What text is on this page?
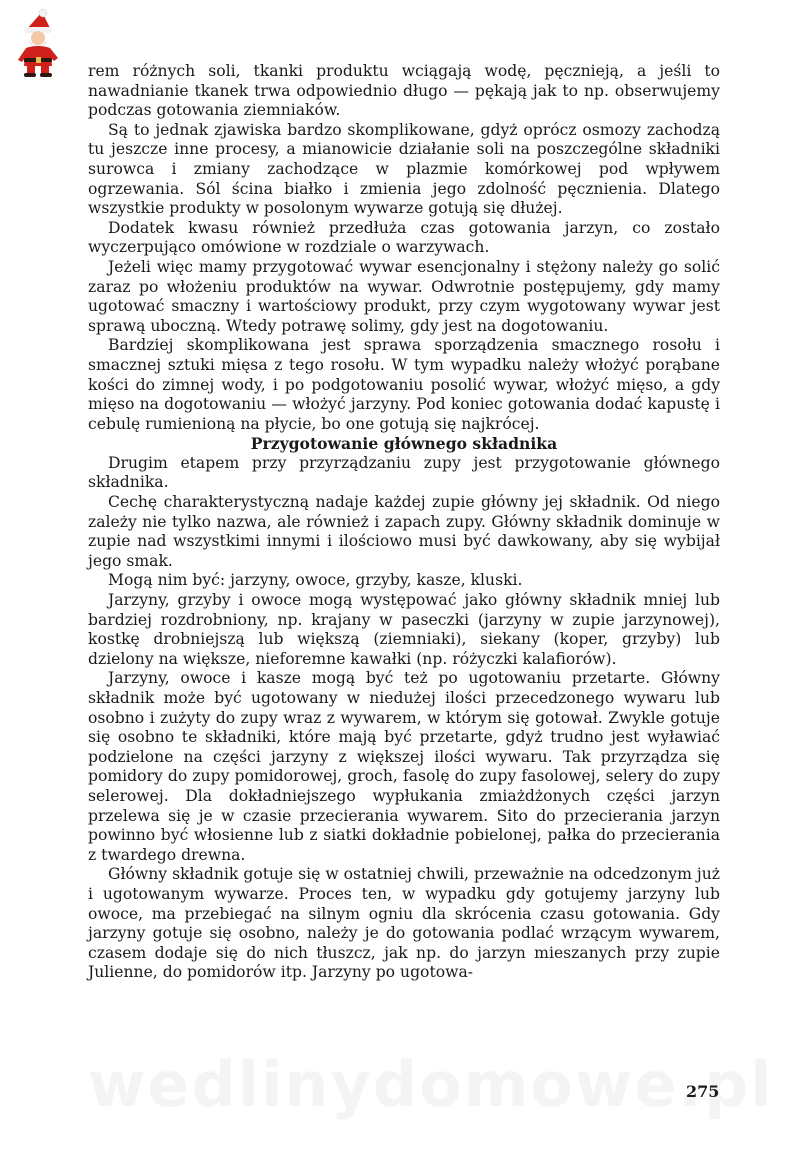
rem różnych soli, tkanki produktu wciągają wodę, pęcznieją, a jeśli to nawadnianie tkanek trwa odpowiednio długo — pękają jak to np. obserwujemy podczas gotowania ziemniaków.

Są to jednak zjawiska bardzo skomplikowane, gdyż oprócz osmozy zachodzą tu jeszcze inne procesy, a mianowicie działanie soli na poszczególne składniki surowca i zmiany zachodzące w plazmie komórkowej pod wpływem ogrzewania. Sól ścina białko i zmienia jego zdolność pęcznienia. Dlatego wszystkie produkty w posolonym wywarze gotują się dłużej.

Dodatek kwasu również przedłuża czas gotowania jarzyn, co zostało wyczerpująco omówione w rozdziale o warzywach.

Jeżeli więc mamy przygotować wywar esencjonalny i stężony należy go solić zaraz po włożeniu produktów na wywar. Odwrotnie postępujemy, gdy mamy ugotować smaczny i wartościowy produkt, przy czym wygotowany wywar jest sprawą uboczną. Wtedy potrawę solimy, gdy jest na dogotowaniu.

Bardziej skomplikowana jest sprawa sporządzenia smacznego rosołu i smacznej sztuki mięsa z tego rosołu. W tym wypadku należy włożyć porąbane kości do zimnej wody, i po podgotowaniu posolić wywar, włożyć mięso, a gdy mięso na dogotowaniu — włożyć jarzyny. Pod koniec gotowania dodać kapustę i cebulę rumienioną na płycie, bo one gotują się najkrócej.

Przygotowanie głównego składnika

Drugim etapem przy przyrządzaniu zupy jest przygotowanie głównego składnika.

Cechę charakterystyczną nadaje każdej zupie główny jej składnik. Od niego zależy nie tylko nazwa, ale również i zapach zupy. Główny składnik dominuje w zupie nad wszystkimi innymi i ilościowo musi być dawkowany, aby się wybijał jego smak.

Mogą nim być: jarzyny, owoce, grzyby, kasze, kluski.

Jarzyny, grzyby i owoce mogą występować jako główny składnik mniej lub bardziej rozdrobniony, np. krajany w paseczki (jarzyny w zupie jarzynowej), kostkę drobniejszą lub większą (ziemniaki), siekany (koper, grzyby) lub dzielony na większe, nieforemne kawałki (np. różyczki kalafiorów).

Jarzyny, owoce i kasze mogą być też po ugotowaniu przetarte. Główny składnik może być ugotowany w niedużej ilości przecedzonego wywaru lub osobno i zużyty do zupy wraz z wywarem, w którym się gotował. Zwykle gotuje się osobno te składniki, które mają być przetarte, gdyż trudno jest wyławiać podzielone na części jarzyny z większej ilości wywaru. Tak przyrządza się pomidory do zupy pomidorowej, groch, fasolę do zupy fasolowej, selery do zupy selerowej. Dla dokładniejszego wypłukania zmiażdżonych części jarzyn przelewa się je w czasie przecierania wywarem. Sito do przecierania jarzyn powinno być włosienne lub z siatki dokładnie pobielonej, pałka do przecierania z twardego drewna.

Główny składnik gotuje się w ostatniej chwili, przeważnie na odcedzonym już i ugotowanym wywarze. Proces ten, w wypadku gdy gotujemy jarzyny lub owoce, ma przebiegać na silnym ogniu dla skrócenia czasu gotowania. Gdy jarzyny gotuje się osobno, należy je do gotowania podlać wrzącym wywarem, czasem dodaje się do nich tłuszcz, jak np. do jarzyn mieszanych przy zupie Julienne, do pomidorów itp. Jarzyny po ugotowa-

275
